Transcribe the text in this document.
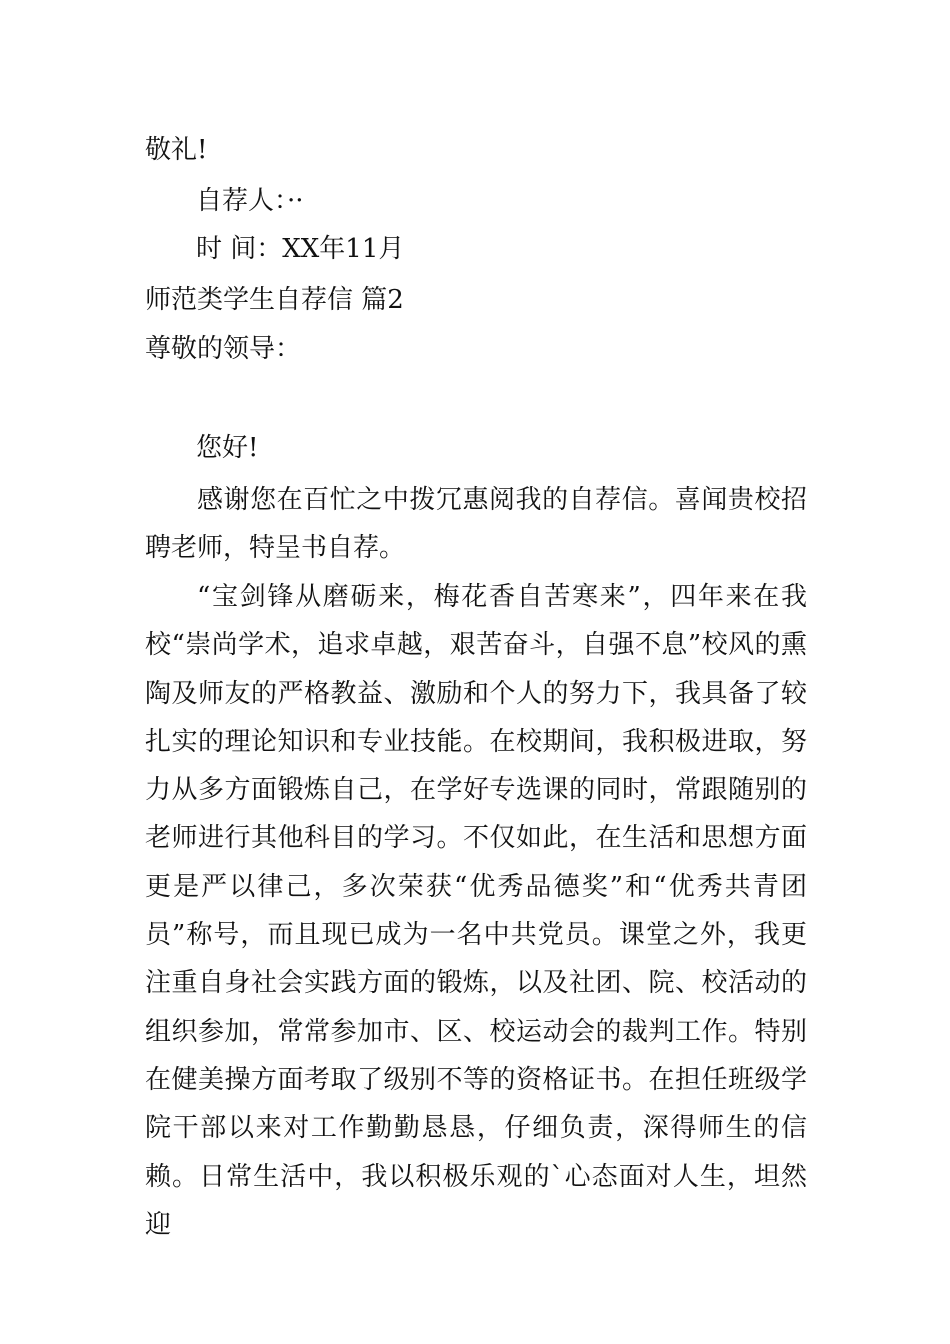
敬礼!
自荐人：··
时 间：XX年11月
师范类学生自荐信 篇2
尊敬的领导：
您好!

感谢您在百忙之中拨冗惠阅我的自荐信。喜闻贵校招聘老师，特呈书自荐。

“宝剑锋从磨砺来，梅花香自苦寒来”，四年来在我校“崇尚学术，追求卓越，艰苦奋斗，自强不息”校风的熏陶及师友的严格教益、激励和个人的努力下，我具备了较扎实的理论知识和专业技能。在校期间，我积极进取，努力从多方面锻炼自己，在学好专选课的同时，常跟随别的老师进行其他科目的学习。不仅如此，在生活和思想方面更是严以律己，多次荣获“优秀品德奖”和“优秀共青团员”称号，而且现已成为一名中共党员。课堂之外，我更注重自身社会实践方面的锻炼，以及社团、院、校活动的组织参加，常常参加市、区、校运动会的裁判工作。特别在健美操方面考取了级别不等的资格证书。在担任班级学院干部以来对工作勤勤恳恳，仔细负责，深得师生的信赖。日常生活中，我以积极乐观的`心态面对人生，坦然迎
